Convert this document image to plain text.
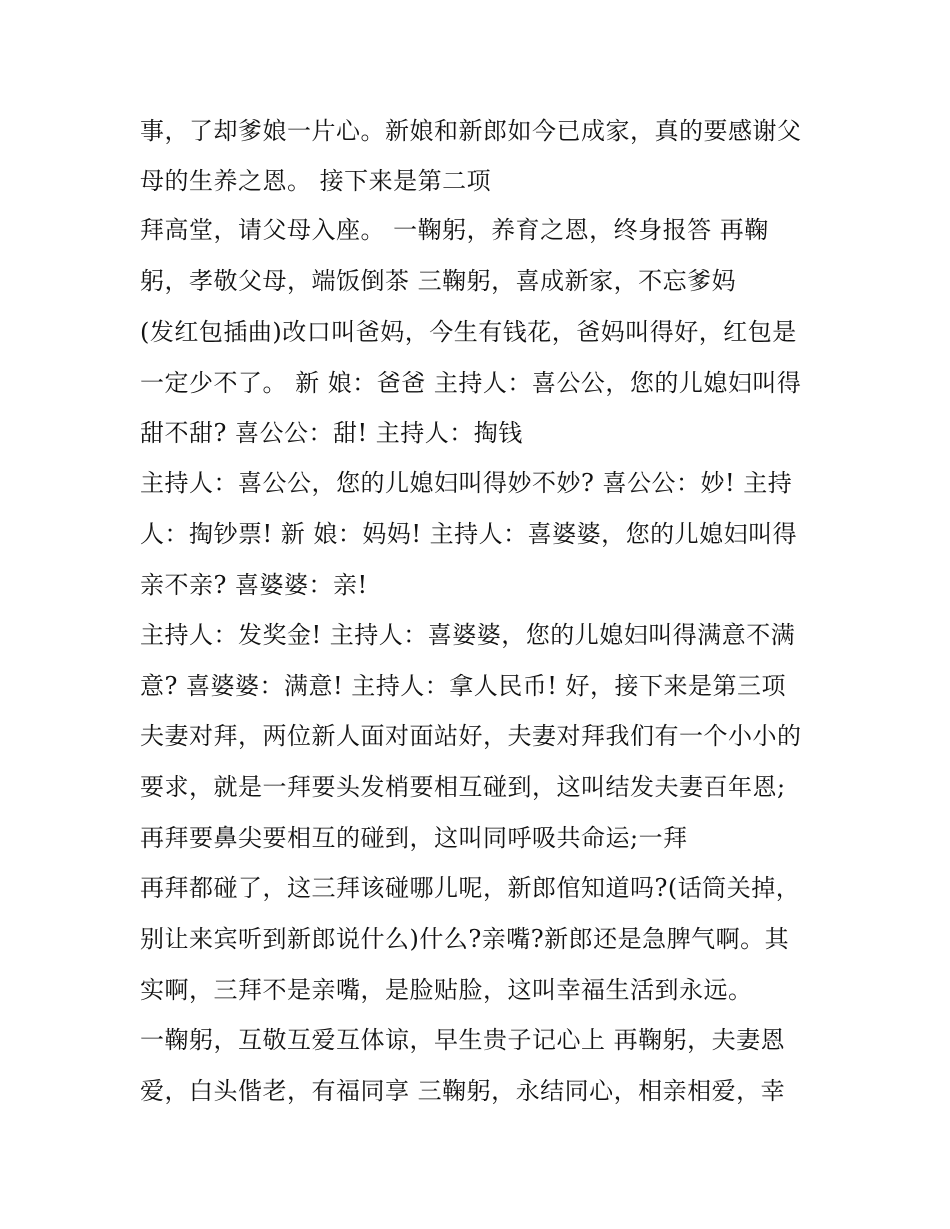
事，了却爹娘一片心。新娘和新郎如今已成家，真的要感谢父
母的生养之恩。 接下来是第二项
拜高堂，请父母入座。 一鞠躬，养育之恩，终身报答 再鞠
躬，孝敬父母，端饭倒茶 三鞠躬，喜成新家，不忘爹妈
(发红包插曲)改口叫爸妈，今生有钱花，爸妈叫得好，红包是
一定少不了。 新 娘：爸爸 主持人：喜公公，您的儿媳妇叫得
甜不甜? 喜公公：甜! 主持人：掏钱
主持人：喜公公，您的儿媳妇叫得妙不妙? 喜公公：妙! 主持
人：掏钞票! 新 娘：妈妈! 主持人：喜婆婆，您的儿媳妇叫得
亲不亲? 喜婆婆：亲!
主持人：发奖金! 主持人：喜婆婆，您的儿媳妇叫得满意不满
意? 喜婆婆：满意! 主持人：拿人民币! 好，接下来是第三项
夫妻对拜，两位新人面对面站好，夫妻对拜我们有一个小小的
要求，就是一拜要头发梢要相互碰到，这叫结发夫妻百年恩;
再拜要鼻尖要相互的碰到，这叫同呼吸共命运;一拜
再拜都碰了，这三拜该碰哪儿呢，新郎倌知道吗?(话筒关掉，
别让来宾听到新郎说什么)什么?亲嘴?新郎还是急脾气啊。其
实啊，三拜不是亲嘴，是脸贴脸，这叫幸福生活到永远。
一鞠躬，互敬互爱互体谅，早生贵子记心上 再鞠躬，夫妻恩
爱，白头偕老，有福同享 三鞠躬，永结同心，相亲相爱，幸
